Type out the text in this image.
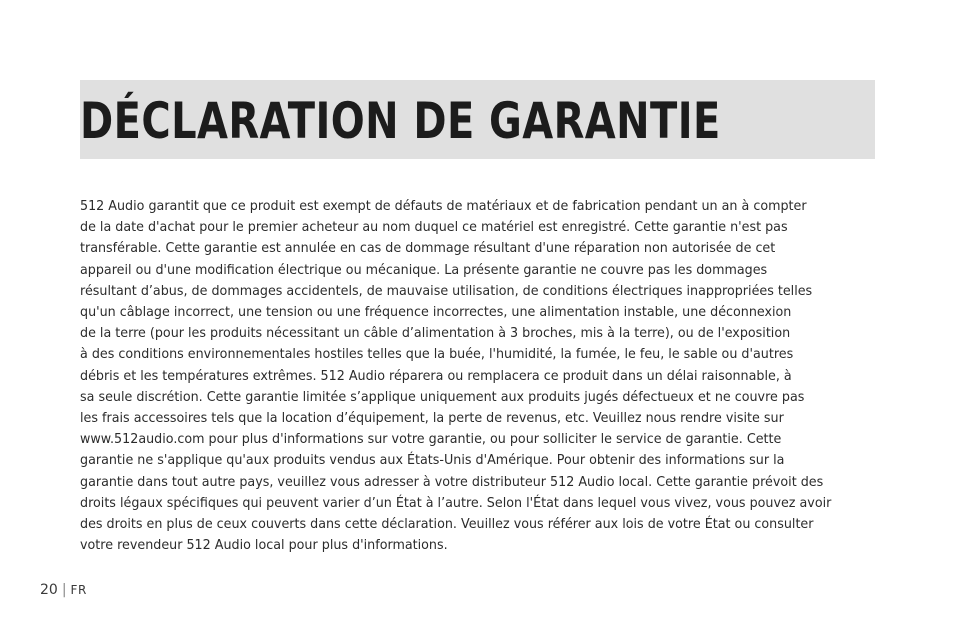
DÉCLARATION DE GARANTIE
512 Audio garantit que ce produit est exempt de défauts de matériaux et de fabrication pendant un an à compter
de la date d'achat pour le premier acheteur au nom duquel ce matériel est enregistré. Cette garantie n'est pas
transférable. Cette garantie est annulée en cas de dommage résultant d'une réparation non autorisée de cet
appareil ou d'une modification électrique ou mécanique. La présente garantie ne couvre pas les dommages
résultant d’abus, de dommages accidentels, de mauvaise utilisation, de conditions électriques inappropriées telles
qu'un câblage incorrect, une tension ou une fréquence incorrectes, une alimentation instable, une déconnexion
de la terre (pour les produits nécessitant un câble d’alimentation à 3 broches, mis à la terre), ou de l'exposition
à des conditions environnementales hostiles telles que la buée, l'humidité, la fumée, le feu, le sable ou d'autres
débris et les températures extrêmes. 512 Audio réparera ou remplacera ce produit dans un délai raisonnable, à
sa seule discrétion. Cette garantie limitée s’applique uniquement aux produits jugés défectueux et ne couvre pas
les frais accessoires tels que la location d’équipement, la perte de revenus, etc. Veuillez nous rendre visite sur
www.512audio.com pour plus d'informations sur votre garantie, ou pour solliciter le service de garantie. Cette
garantie ne s'applique qu'aux produits vendus aux États-Unis d'Amérique. Pour obtenir des informations sur la
garantie dans tout autre pays, veuillez vous adresser à votre distributeur 512 Audio local. Cette garantie prévoit des
droits légaux spécifiques qui peuvent varier d’un État à l’autre. Selon l'État dans lequel vous vivez, vous pouvez avoir
des droits en plus de ceux couverts dans cette déclaration. Veuillez vous référer aux lois de votre État ou consulter
votre revendeur 512 Audio local pour plus d'informations.
20 | FR
